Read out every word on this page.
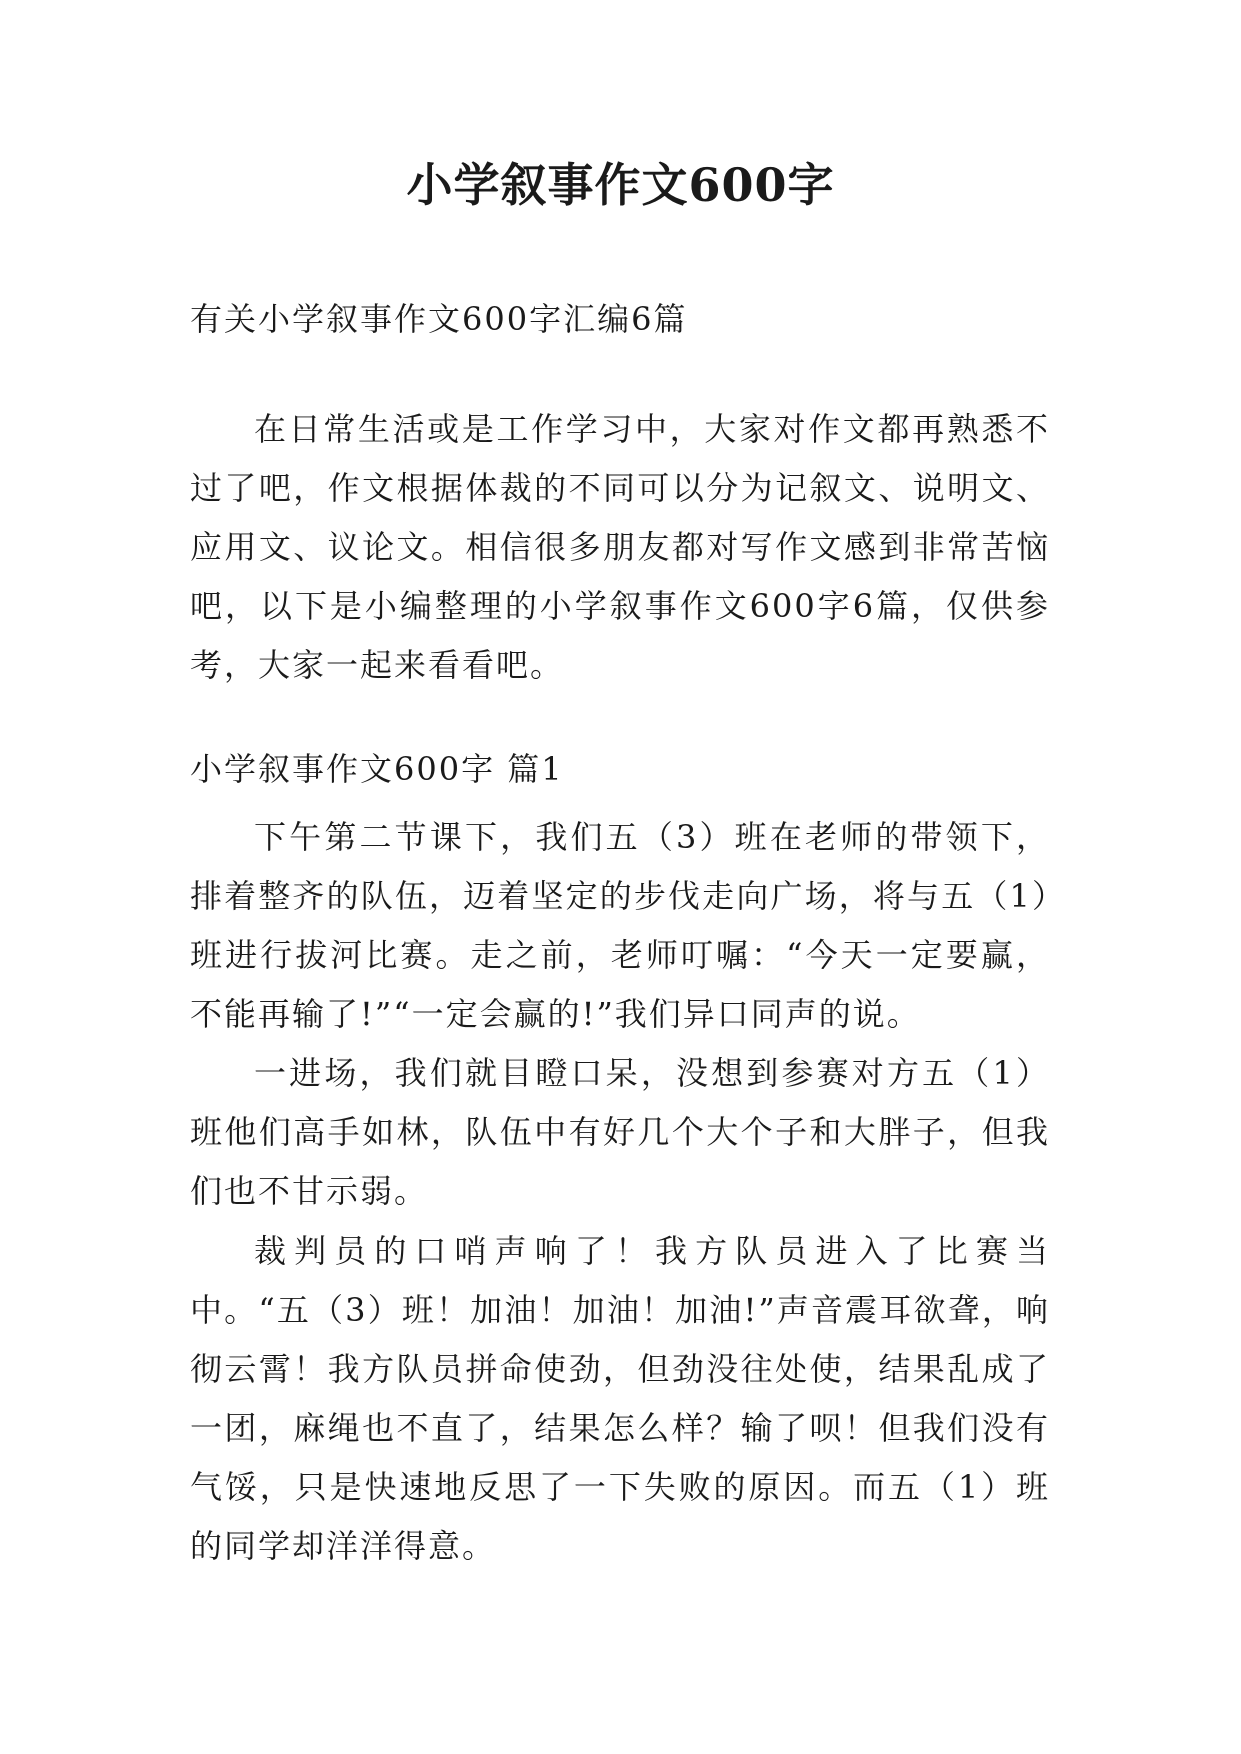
小学叙事作文600字
有关小学叙事作文600字汇编6篇
在日常生活或是工作学习中，大家对作文都再熟悉不过了吧，作文根据体裁的不同可以分为记叙文、说明文、应用文、议论文。相信很多朋友都对写作文感到非常苦恼吧，以下是小编整理的小学叙事作文600字6篇，仅供参考，大家一起来看看吧。
小学叙事作文600字 篇1
下午第二节课下，我们五（3）班在老师的带领下，排着整齐的队伍，迈着坚定的步伐走向广场，将与五（1）班进行拔河比赛。走之前，老师叮嘱：“今天一定要赢，不能再输了!”“一定会赢的!”我们异口同声的说。
一进场，我们就目瞪口呆，没想到参赛对方五（1）班他们高手如林，队伍中有好几个大个子和大胖子，但我们也不甘示弱。
裁判员的口哨声响了！我方队员进入了比赛当中。“五（3）班！加油！加油！加油!”声音震耳欲聋，响彻云霄！我方队员拼命使劲，但劲没往处使，结果乱成了一团，麻绳也不直了，结果怎么样？输了呗！但我们没有气馁，只是快速地反思了一下失败的原因。而五（1）班的同学却洋洋得意。
